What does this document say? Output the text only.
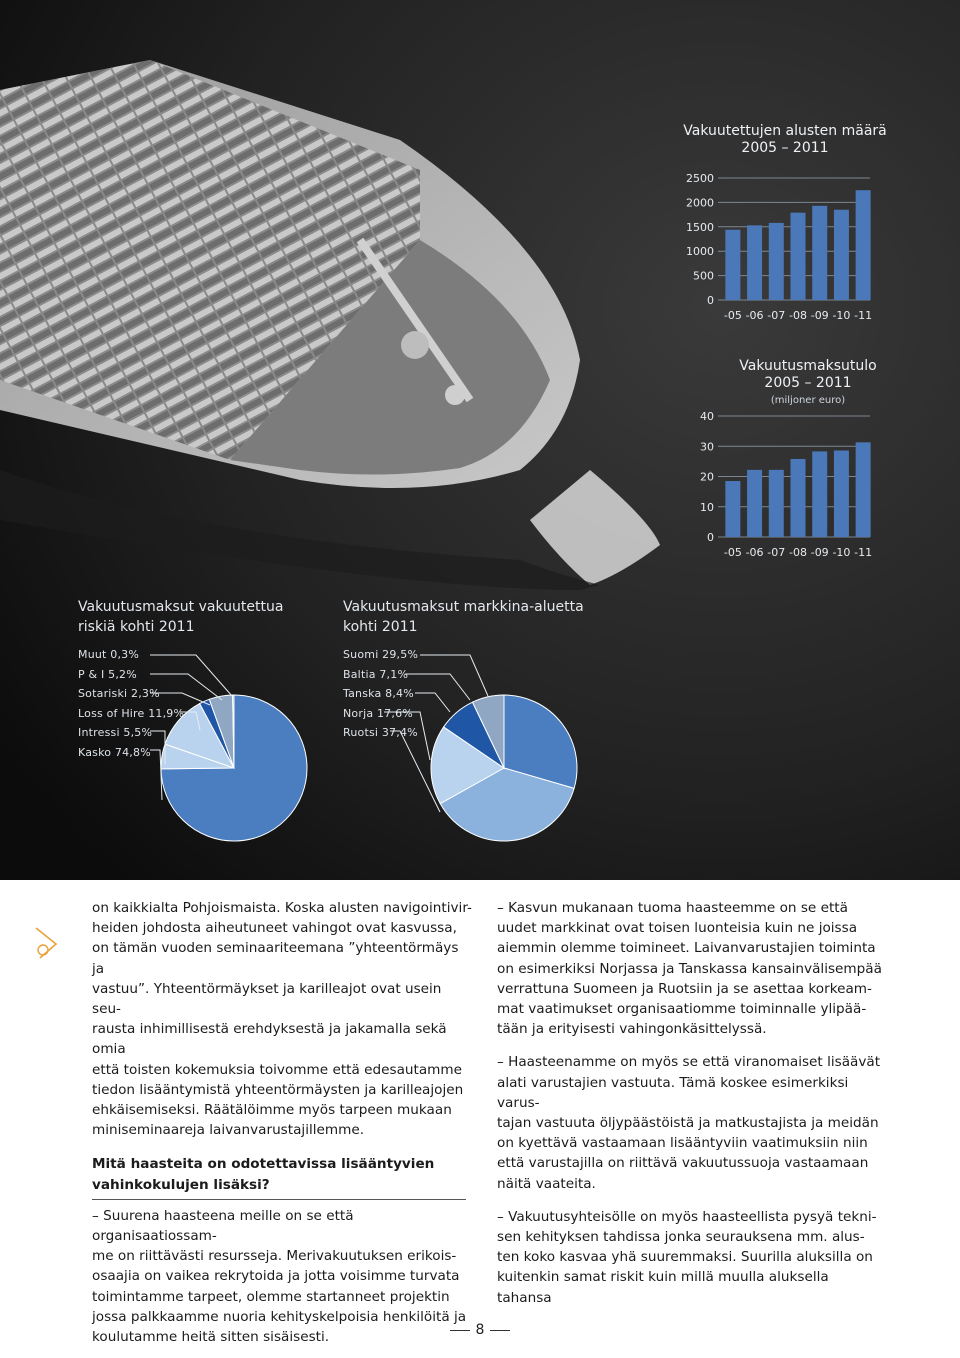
Vakuutettujen alusten määrä
2005 – 2011
0
500
1000
1500
2000
2500
-05 -06 -07 -08 -09 -10 -11
Vakuutusmaksutulo
2005 – 2011
(miljoner euro)
0
10
20
30
40
-05 -06 -07 -08 -09 -10 -11
Vakuutusmaksut vakuutettua
riskiä kohti 2011
Muut 0,3%
P & I 5,2%
Sotariski 2,3%
Loss of Hire 11,9%
Intressi 5,5%
Kasko 74,8%
Vakuutusmaksut markkina-aluetta
kohti 2011
Suomi 29,5%
Baltia 7,1%
Tanska 8,4%
Norja 17,6%
Ruotsi 37,4%

on kaikkialta Pohjoismaista. Koska alusten navigointivir-
heiden johdosta aiheutuneet vahingot ovat kasvussa,
on tämän vuoden seminaariteemana ”yhteentörmäys ja
vastuu”. Yhteentörmäykset ja karilleajot ovat usein seu-
rausta inhimillisestä erehdyksestä ja jakamalla sekä omia
että toisten kokemuksia toivomme että edesautamme
tiedon lisääntymistä yhteentörmäysten ja karilleajojen
ehkäisemiseksi. Räätälöimme myös tarpeen mukaan
miniseminaareja laivanvarustajillemme.

Mitä haasteita on odotettavissa lisääntyvien
vahinkokulujen lisäksi?

– Suurena haasteena meille on se että organisaatiossam-
me on riittävästi resursseja. Merivakuutuksen erikois-
osaajia on vaikea rekrytoida ja jotta voisimme turvata
toimintamme tarpeet, olemme startanneet projektin
jossa palkkaamme nuoria kehityskelpoisia henkilöitä ja
koulutamme heitä sitten sisäisesti.

– Kasvun mukanaan tuoma haasteemme on se että
uudet markkinat ovat toisen luonteisia kuin ne joissa
aiemmin olemme toimineet. Laivanvarustajien toiminta
on esimerkiksi Norjassa ja Tanskassa kansainvälisempää
verrattuna Suomeen ja Ruotsiin ja se asettaa korkeam-
mat vaatimukset organisaatiomme toiminnalle ylipää-
tään ja erityisesti vahingonkäsittelyssä.

– Haasteenamme on myös se että viranomaiset lisäävät
alati varustajien vastuuta. Tämä koskee esimerkiksi varus-
tajan vastuuta öljypäästöistä ja matkustajista ja meidän
on kyettävä vastaamaan lisääntyviin vaatimuksiin niin
että varustajilla on riittävä vakuutussuoja vastaamaan
näitä vaateita.

– Vakuutusyhteisölle on myös haasteellista pysyä tekni-
sen kehityksen tahdissa jonka seurauksena mm. alus-
ten koko kasvaa yhä suuremmaksi. Suurilla aluksilla on
kuitenkin samat riskit kuin millä muulla aluksella tahansa

8
